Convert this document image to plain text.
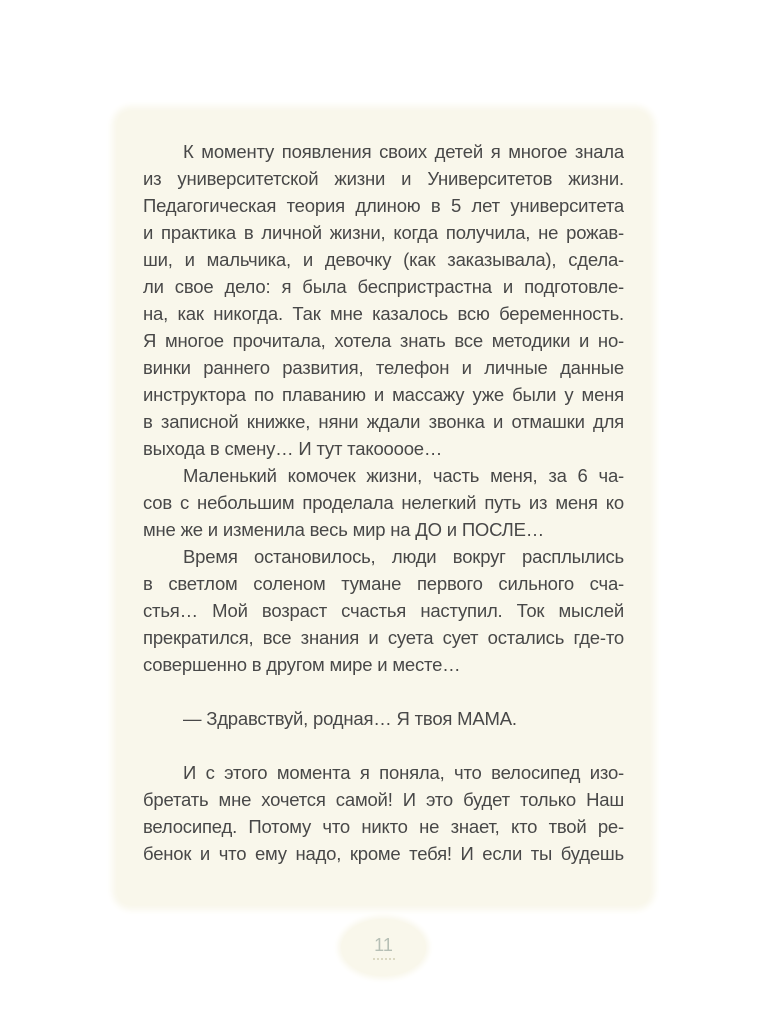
К моменту появления своих детей я многое знала
из университетской жизни и Университетов жизни.
Педагогическая теория длиною в 5 лет университета
и практика в личной жизни, когда получила, не рожав-
ши, и мальчика, и девочку (как заказывала), сдела-
ли свое дело: я была беспристрастна и подготовле-
на, как никогда. Так мне казалось всю беременность.
Я многое прочитала, хотела знать все методики и но-
винки раннего развития, телефон и личные данные
инструктора по плаванию и массажу уже были у меня
в записной книжке, няни ждали звонка и отмашки для
выхода в смену… И тут такоооое…
Маленький комочек жизни, часть меня, за 6 ча-
сов с небольшим проделала нелегкий путь из меня ко
мне же и изменила весь мир на ДО и ПОСЛЕ…
Время остановилось, люди вокруг расплылись
в светлом соленом тумане первого сильного сча-
стья… Мой возраст счастья наступил. Ток мыслей
прекратился, все знания и суета сует остались где-то
совершенно в другом мире и месте…
— Здравствуй, родная… Я твоя МАМА.
И с этого момента я поняла, что велосипед изо-
бретать мне хочется самой! И это будет только Наш
велосипед. Потому что никто не знает, кто твой ре-
бенок и что ему надо, кроме тебя! И если ты будешь
11
